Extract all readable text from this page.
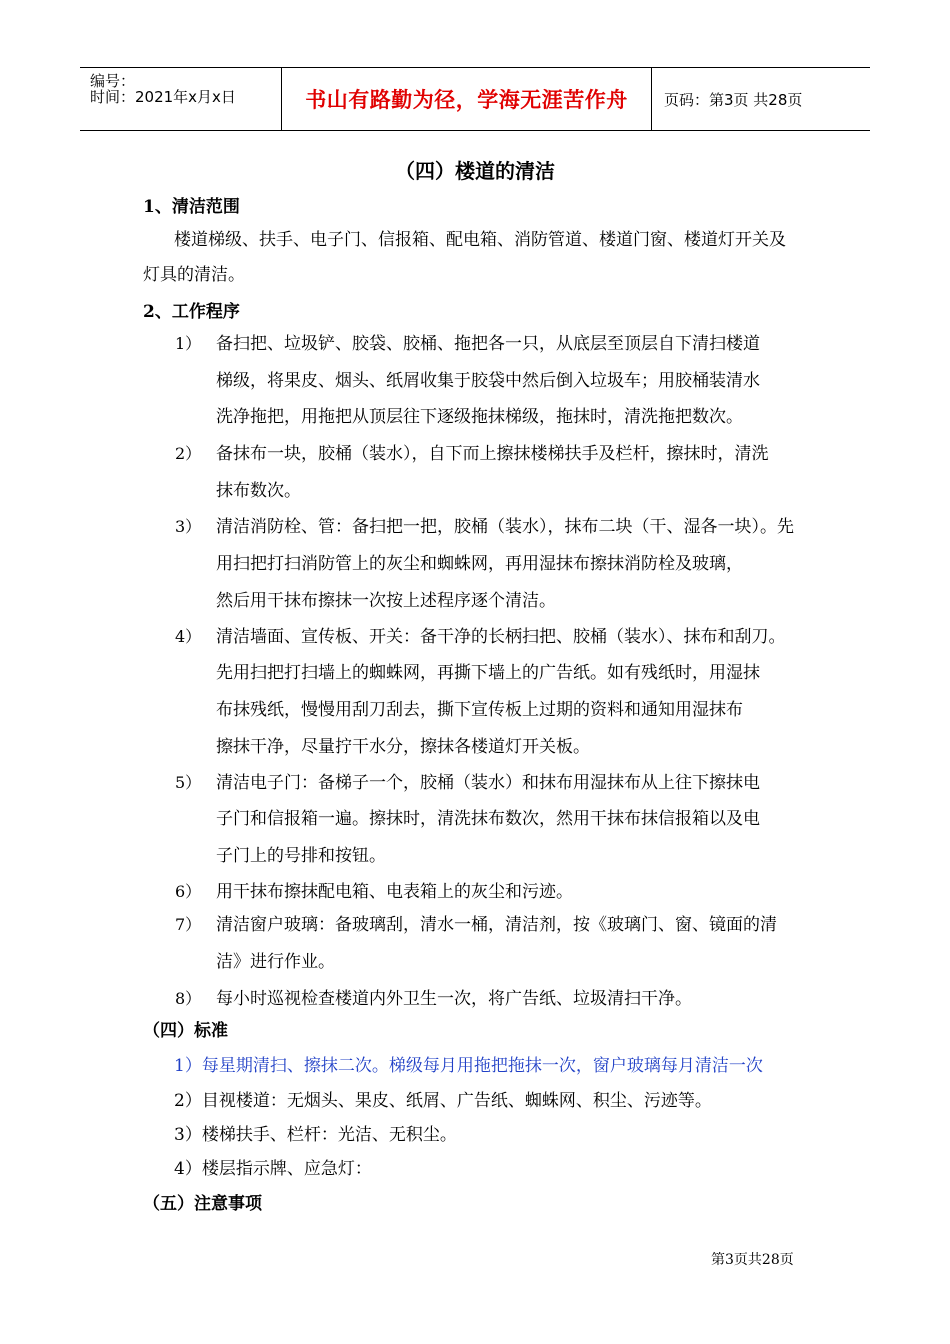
编号：
时间：2021年x月x日	书山有路勤为径，学海无涯苦作舟 页码：第3页 共28页
（四）楼道的清洁
1、清洁范围
楼道梯级、扶手、电子门、信报箱、配电箱、消防管道、楼道门窗、楼道灯开关及
灯具的清洁。
2、工作程序
1） 备扫把、垃圾铲、胶袋、胶桶、拖把各一只，从底层至顶层自下清扫楼道
梯级，将果皮、烟头、纸屑收集于胶袋中然后倒入垃圾车；用胶桶装清水
洗净拖把，用拖把从顶层往下逐级拖抹梯级，拖抹时，清洗拖把数次。
2） 备抹布一块，胶桶（装水），自下而上擦抹楼梯扶手及栏杆，擦抹时，清洗
抹布数次。
3） 清洁消防栓、管：备扫把一把，胶桶（装水），抹布二块（干、湿各一块）。先
用扫把打扫消防管上的灰尘和蜘蛛网，再用湿抹布擦抹消防栓及玻璃，
然后用干抹布擦抹一次按上述程序逐个清洁。
4） 清洁墙面、宣传板、开关：备干净的长柄扫把、胶桶（装水）、抹布和刮刀。
先用扫把打扫墙上的蜘蛛网，再撕下墙上的广告纸。如有残纸时，用湿抹
布抹残纸，慢慢用刮刀刮去，撕下宣传板上过期的资料和通知用湿抹布
擦抹干净，尽量拧干水分，擦抹各楼道灯开关板。
5） 清洁电子门：备梯子一个，胶桶（装水）和抹布用湿抹布从上往下擦抹电
子门和信报箱一遍。擦抹时，清洗抹布数次，然用干抹布抹信报箱以及电
子门上的号排和按钮。
6） 用干抹布擦抹配电箱、电表箱上的灰尘和污迹。
7） 清洁窗户玻璃：备玻璃刮，清水一桶，清洁剂，按《玻璃门、窗、镜面的清
洁》进行作业。
8） 每小时巡视检查楼道内外卫生一次，将广告纸、垃圾清扫干净。
（四）标准
1）每星期清扫、擦抹二次。梯级每月用拖把拖抹一次，窗户玻璃每月清洁一次
2）目视楼道：无烟头、果皮、纸屑、广告纸、蜘蛛网、积尘、污迹等。
3）楼梯扶手、栏杆：光洁、无积尘。
4）楼层指示牌、应急灯：
（五）注意事项
第3页共28页
